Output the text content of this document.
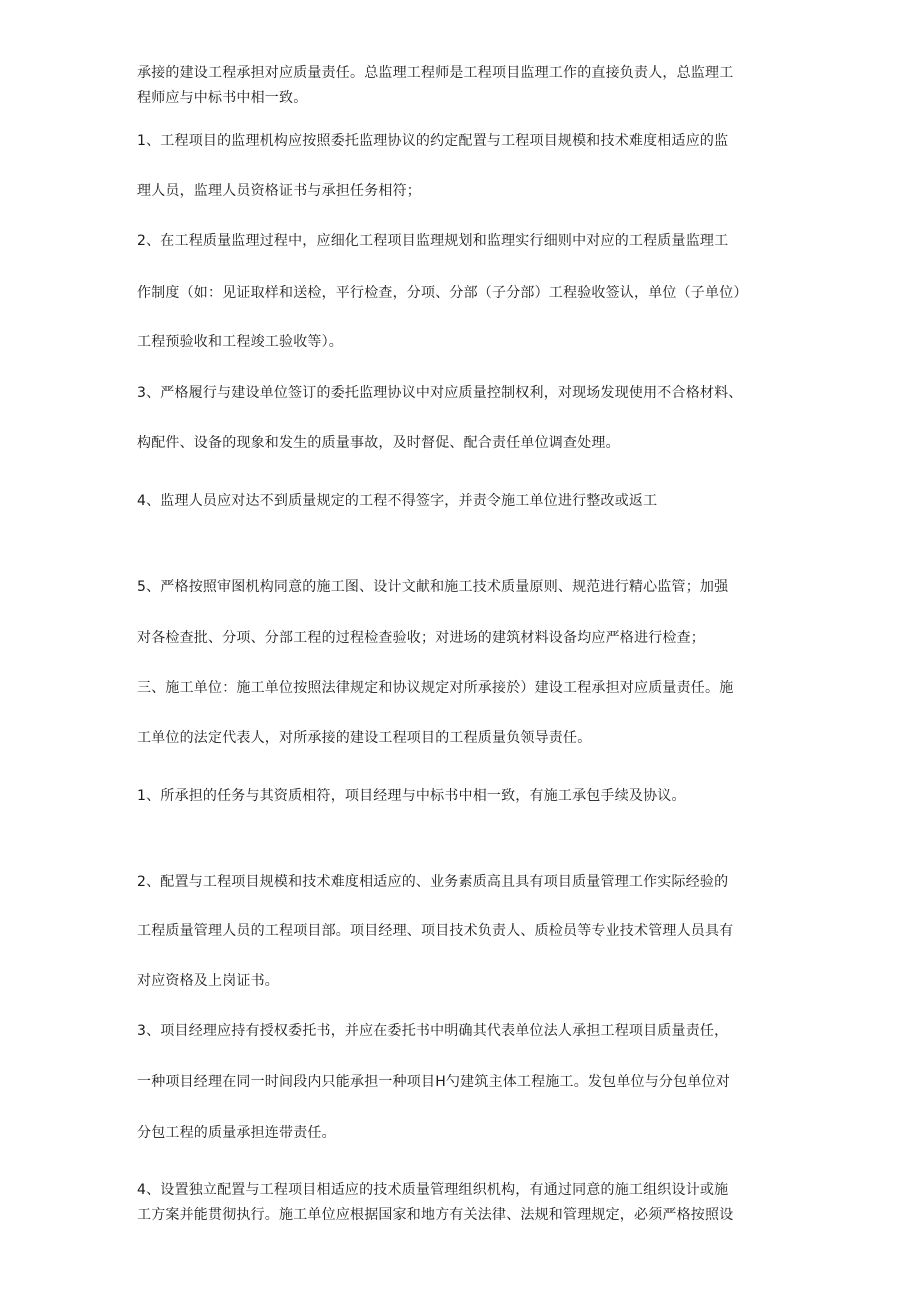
承接的建设工程承担对应质量责任。总监理工程师是工程项目监理工作的直接负责人，总监理工
程师应与中标书中相一致。
1、工程项目的监理机构应按照委托监理协议的约定配置与工程项目规模和技术难度相适应的监
理人员，监理人员资格证书与承担任务相符；
2、在工程质量监理过程中，应细化工程项目监理规划和监理实行细则中对应的工程质量监理工
作制度（如：见证取样和送检，平行检查，分项、分部（子分部）工程验收签认，单位（子单位）
工程预验收和工程竣工验收等）。
3、严格履行与建设单位签订的委托监理协议中对应质量控制权利，对现场发现使用不合格材料、
构配件、设备的现象和发生的质量事故，及时督促、配合责任单位调查处理。
4、监理人员应对达不到质量规定的工程不得签字，并责令施工单位进行整改或返工
5、严格按照审图机构同意的施工图、设计文献和施工技术质量原则、规范进行精心监管；加强
对各检查批、分项、分部工程的过程检查验收；对进场的建筑材料设备均应严格进行检查；
三、施工单位：施工单位按照法律规定和协议规定对所承接於）建设工程承担对应质量责任。施
工单位的法定代表人，对所承接的建设工程项目的工程质量负领导责任。
1、所承担的任务与其资质相符，项目经理与中标书中相一致，有施工承包手续及协议。
2、配置与工程项目规模和技术难度相适应的、业务素质高且具有项目质量管理工作实际经验的
工程质量管理人员的工程项目部。项目经理、项目技术负责人、质检员等专业技术管理人员具有
对应资格及上岗证书。
3、项目经理应持有授权委托书，并应在委托书中明确其代表单位法人承担工程项目质量责任，
一种项目经理在同一时间段内只能承担一种项目H勺建筑主体工程施工。发包单位与分包单位对
分包工程的质量承担连带责任。
4、设置独立配置与工程项目相适应的技术质量管理组织机构，有通过同意的施工组织设计或施
工方案并能贯彻执行。施工单位应根据国家和地方有关法律、法规和管理规定，必须严格按照设
